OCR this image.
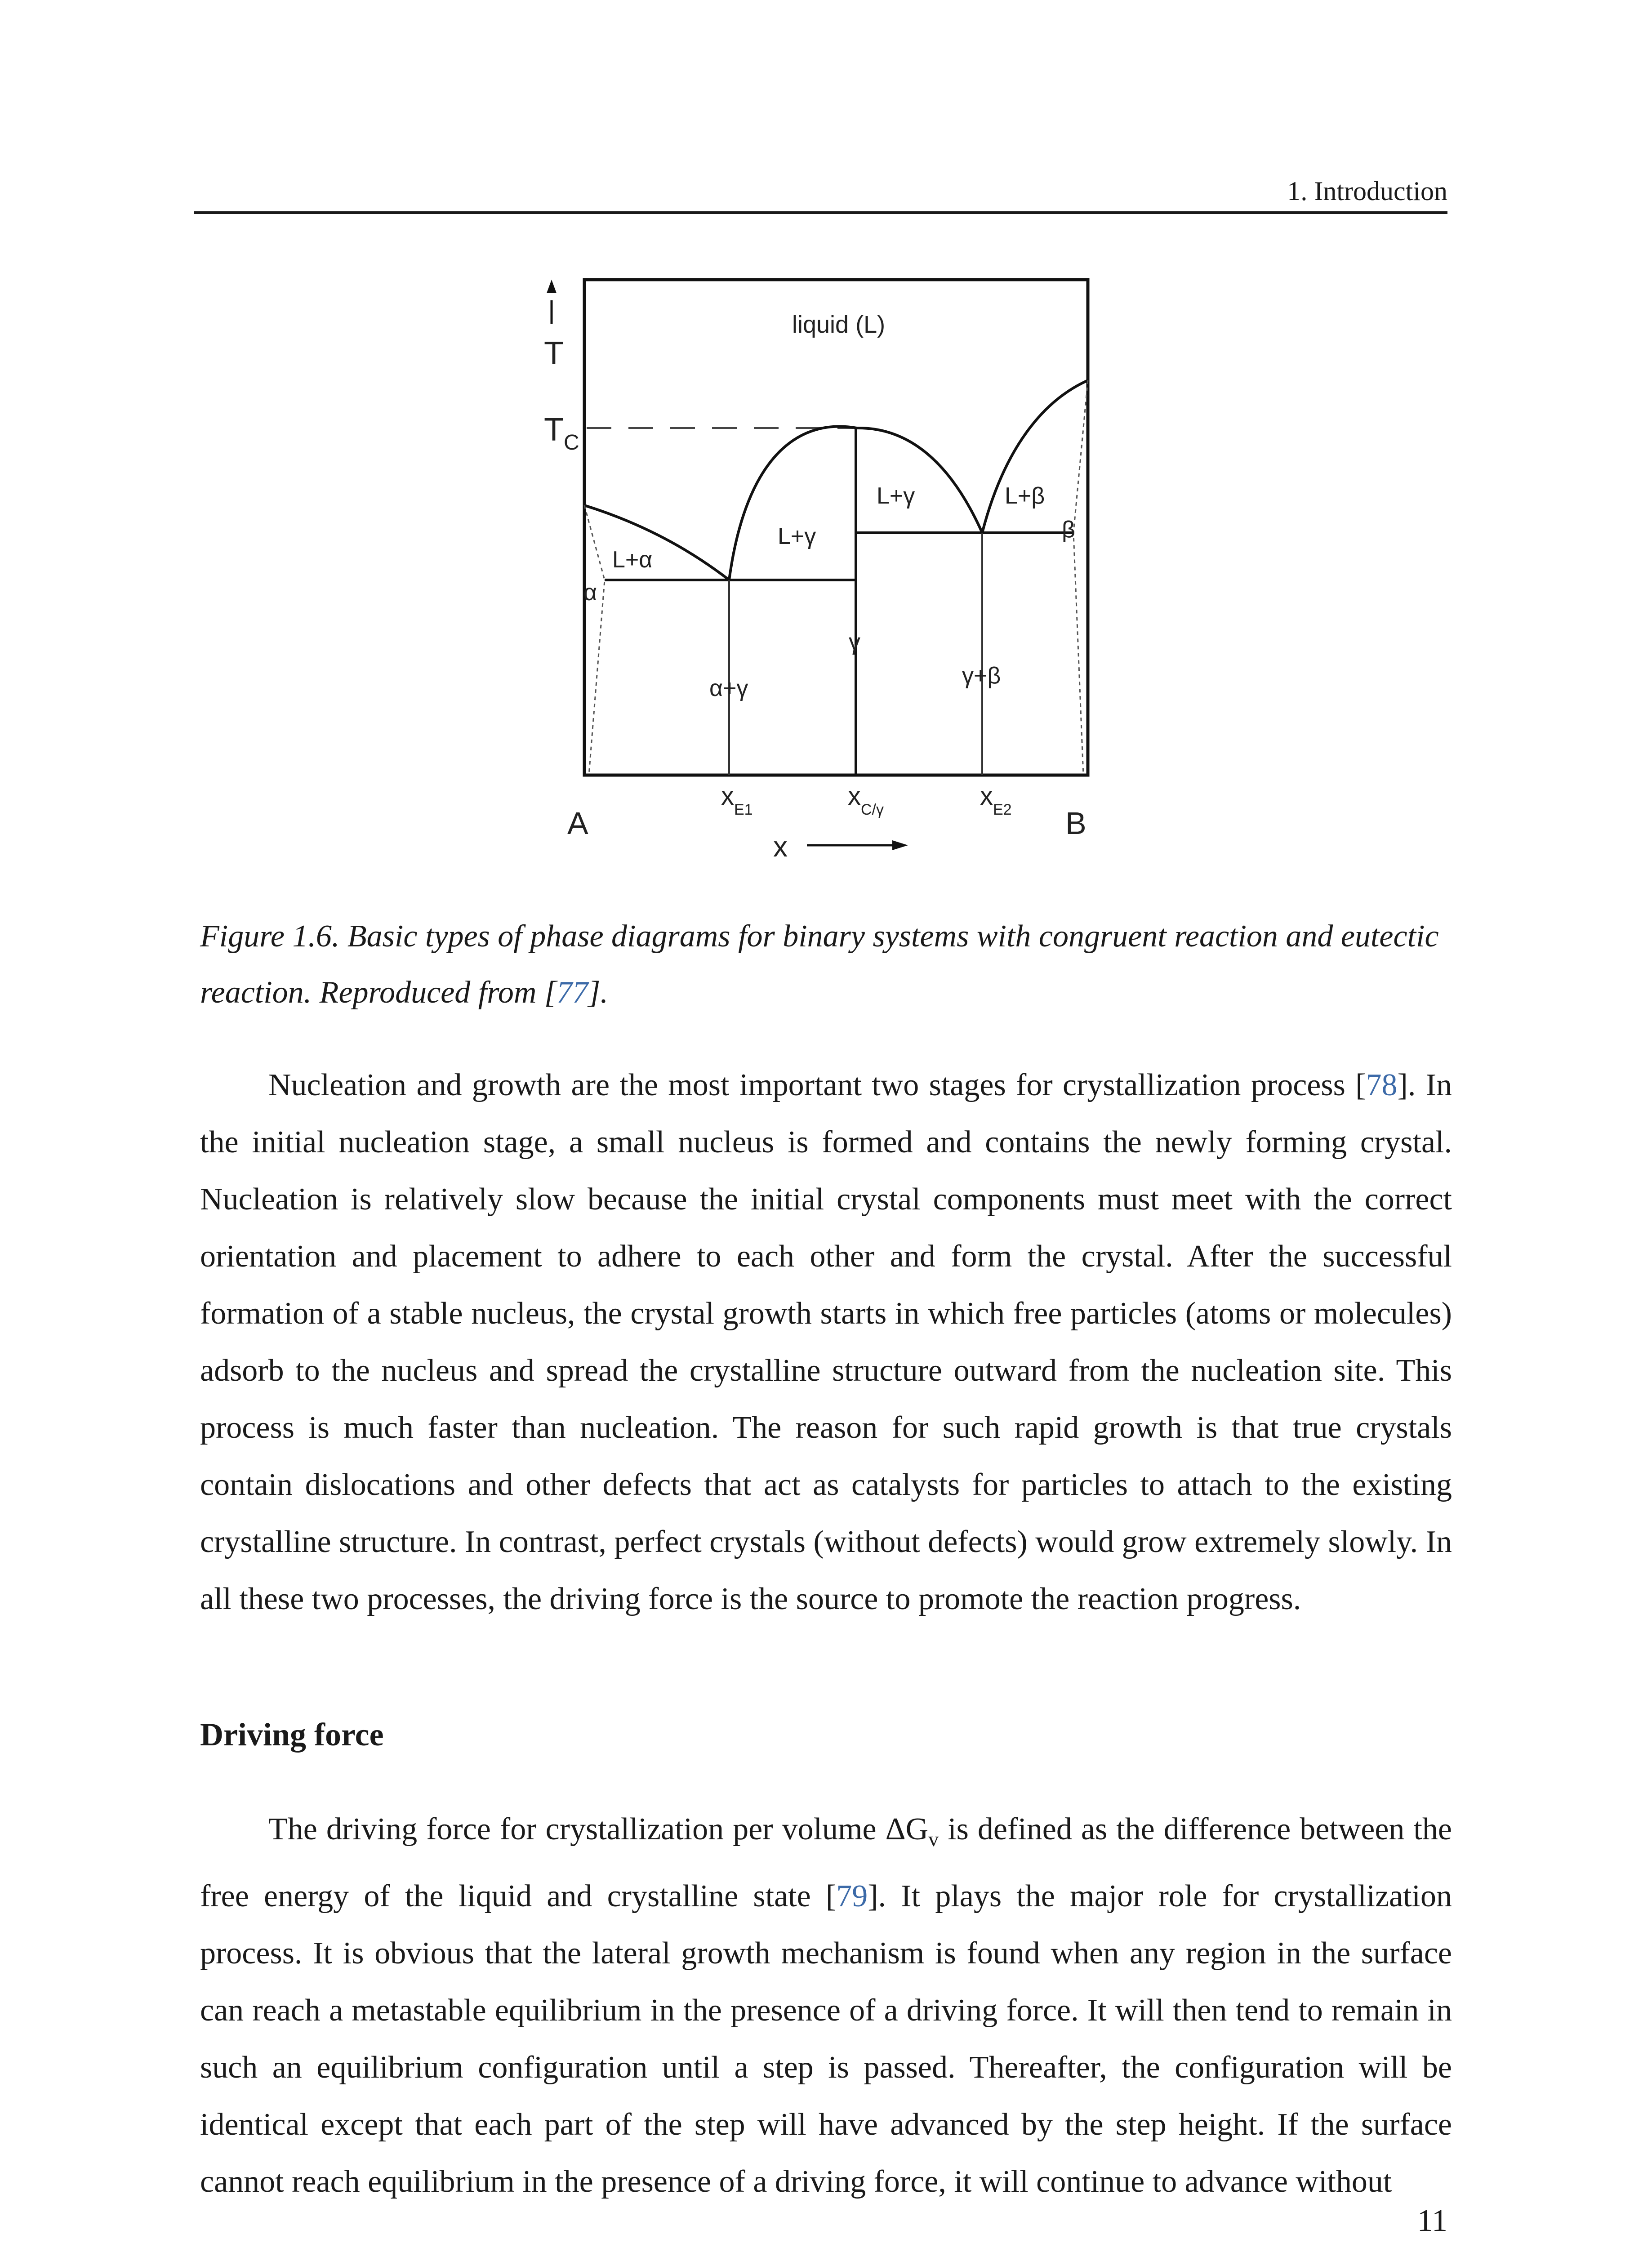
1. Introduction
T
$T_C$
liquid (L)
L+α
L+γ
L+γ	L+β
α
β
γ
α+γ	γ+β
$x_{E1}$	$x_{C/\gamma}$	$x_{E2}$
A	B
x
Figure 1.6. Basic types of phase diagrams for binary systems with congruent reaction and eutectic reaction. Reproduced from [77].

Nucleation and growth are the most important two stages for crystallization process [78]. In the initial nucleation stage, a small nucleus is formed and contains the newly forming crystal. Nucleation is relatively slow because the initial crystal components must meet with the correct orientation and placement to adhere to each other and form the crystal. After the successful formation of a stable nucleus, the crystal growth starts in which free particles (atoms or molecules) adsorb to the nucleus and spread the crystalline structure outward from the nucleation site. This process is much faster than nucleation. The reason for such rapid growth is that true crystals contain dislocations and other defects that act as catalysts for particles to attach to the existing crystalline structure. In contrast, perfect crystals (without defects) would grow extremely slowly. In all these two processes, the driving force is the source to promote the reaction progress.

Driving force

The driving force for crystallization per volume $\Delta G_v$ is defined as the difference between the free energy of the liquid and crystalline state [79]. It plays the major role for crystallization process. It is obvious that the lateral growth mechanism is found when any region in the surface can reach a metastable equilibrium in the presence of a driving force. It will then tend to remain in such an equilibrium configuration until a step is passed. Thereafter, the configuration will be identical except that each part of the step will have advanced by the step height. If the surface cannot reach equilibrium in the presence of a driving force, it will continue to advance without

11
